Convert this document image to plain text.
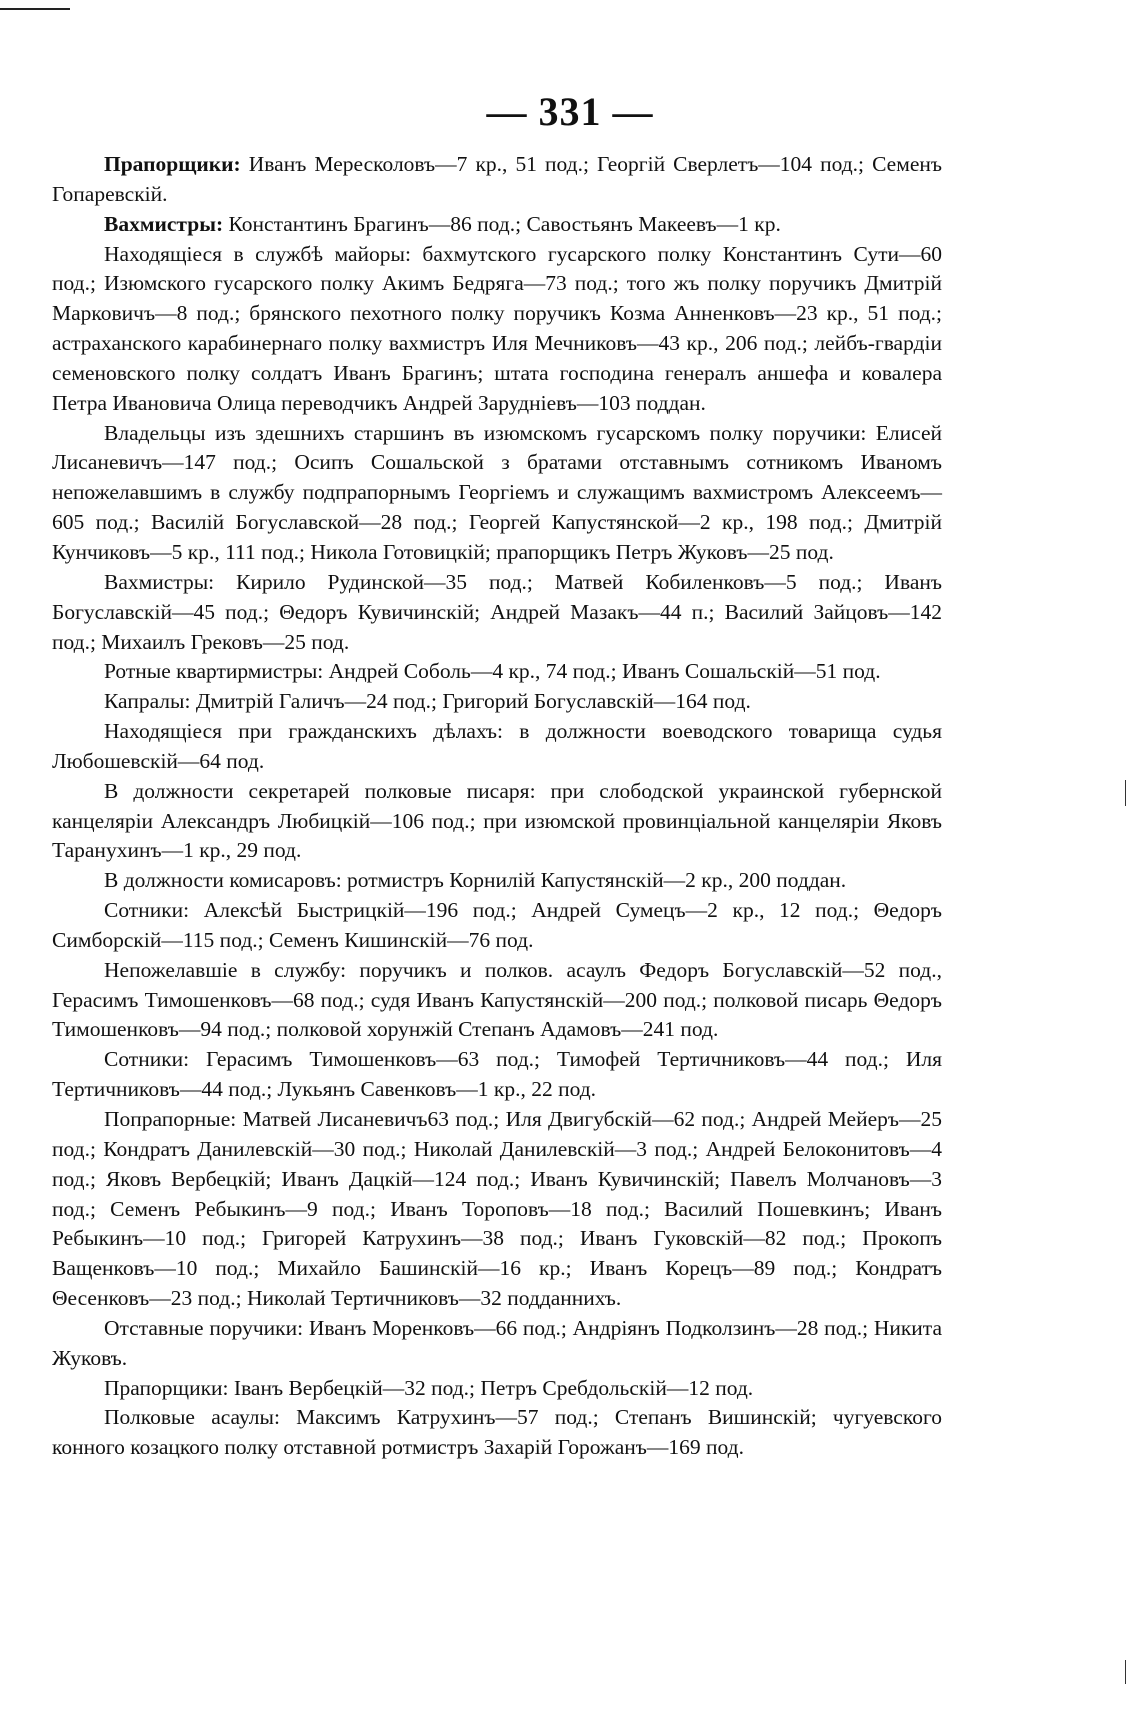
— 331 —

Прапорщики: Иванъ Мересколовъ—7 кр., 51 под.; Георгiй Сверлетъ—104 под.; Семенъ Гопаревскiй.

Вахмистры: Константинъ Брагинъ—86 под.; Савостьянъ Макеевъ—1 кр.

Находящiеся в службѣ майоры: бахмутского гусарского полку Константинъ Сути—60 под.; Изюмского гусарского полку Акимъ Бедряга—73 под.; того жъ полку поручикъ Дмитрiй Марковичъ—8 под.; брянского пехотного полку поручикъ Козма Анненковъ—23 кр., 51 под.; астраханского карабинернаго полку вахмистръ Иля Мечниковъ—43 кр., 206 под.; лейбъ-гвардiи семеновского полку солдатъ Иванъ Брагинъ; штата господина генералъ аншефа и ковалера Петра Ивановича Олица переводчикъ Андрей Заруднiевъ—103 поддан.

Владельцы изъ здешнихъ старшинъ въ изюмскомъ гусарскомъ полку поручики: Елисей Лисаневичъ—147 под.; Осипъ Сошальской з братами отставнымъ сотникомъ Иваномъ непожелавшимъ в службу подпрапорнымъ Георгiемъ и служащимъ вахмистромъ Алексеемъ—605 под.; Василiй Богуславской—28 под.; Георгей Капустянской—2 кр., 198 под.; Дмитрiй Кунчиковъ—5 кр., 111 под.; Никола Готовицкiй; прапорщикъ Петръ Жуковъ—25 под.

Вахмистры: Кирило Рудинской—35 под.; Матвей Кобиленковъ—5 под.; Иванъ Богуславскiй—45 под.; Θедоръ Кувичинскiй; Андрей Мазакъ—44 п.; Василий Зайцовъ—142 под.; Михаилъ Грековъ—25 под.

Ротные квартирмистры: Андрей Соболь—4 кр., 74 под.; Иванъ Сошальскiй—51 под.

Капралы: Дмитрiй Галичъ—24 под.; Григорий Богуславскiй—164 под.

Находящiеся при гражданскихъ дѣлахъ: в должности воеводского товарища судья Любошевскiй—64 под.

В должности секретарей полковые писаря: при слободской украинской губернской канцелярiи Александръ Любицкiй—106 под.; при изюмской провинцiальной канцелярiи Яковъ Таранухинъ—1 кр., 29 под.

В должности комисаровъ: ротмистръ Корнилiй Капустянскiй—2 кр., 200 поддан.

Сотники: Алексѣй Быстрицкiй—196 под.; Андрей Сумецъ—2 кр., 12 под.; Θедоръ Симборскiй—115 под.; Семенъ Кишинскiй—76 под.

Непожелавшiе в службу: поручикъ и полков. асаулъ Федоръ Богуславскiй—52 под., Герасимъ Тимошенковъ—68 под.; судя Иванъ Капустянскiй—200 под.; полковой писарь Θедоръ Тимошенковъ—94 под.; полковой хорунжiй Степанъ Адамовъ—241 под.

Сотники: Герасимъ Тимошенковъ—63 под.; Тимофей Тертичниковъ—44 под.; Иля Тертичниковъ—44 под.; Лукьянъ Савенковъ—1 кр., 22 под.

Попрапорные: Матвей Лисаневичъ63 под.; Иля Двигубскiй—62 под.; Андрей Мейеръ—25 под.; Кондратъ Данилевскiй—30 под.; Николай Данилевскiй—3 под.; Андрей Белоконитовъ—4 под.; Яковъ Вербецкiй; Иванъ Дацкiй—124 под.; Иванъ Кувичинскiй; Павелъ Молчановъ—3 под.; Семенъ Ребыкинъ—9 под.; Иванъ Тороповъ—18 под.; Василий Пошевкинъ; Иванъ Ребыкинъ—10 под.; Григорей Катрухинъ—38 под.; Иванъ Гуковскiй—82 под.; Прокопъ Ващенковъ—10 под.; Михайло Башинскiй—16 кр.; Иванъ Корецъ—89 под.; Кондратъ Θесенковъ—23 под.; Николай Тертичниковъ—32 подданнихъ.

Отставные поручики: Иванъ Моренковъ—66 под.; Андрiянъ Подколзинъ—28 под.; Никита Жуковъ.

Прапорщики: Iванъ Вербецкiй—32 под.; Петръ Сребдольскiй—12 под.

Полковые асаулы: Максимъ Катрухинъ—57 под.; Степанъ Вишинскiй; чугуевского конного козацкого полку отставной ротмистръ Захарiй Горожанъ—169 под.
